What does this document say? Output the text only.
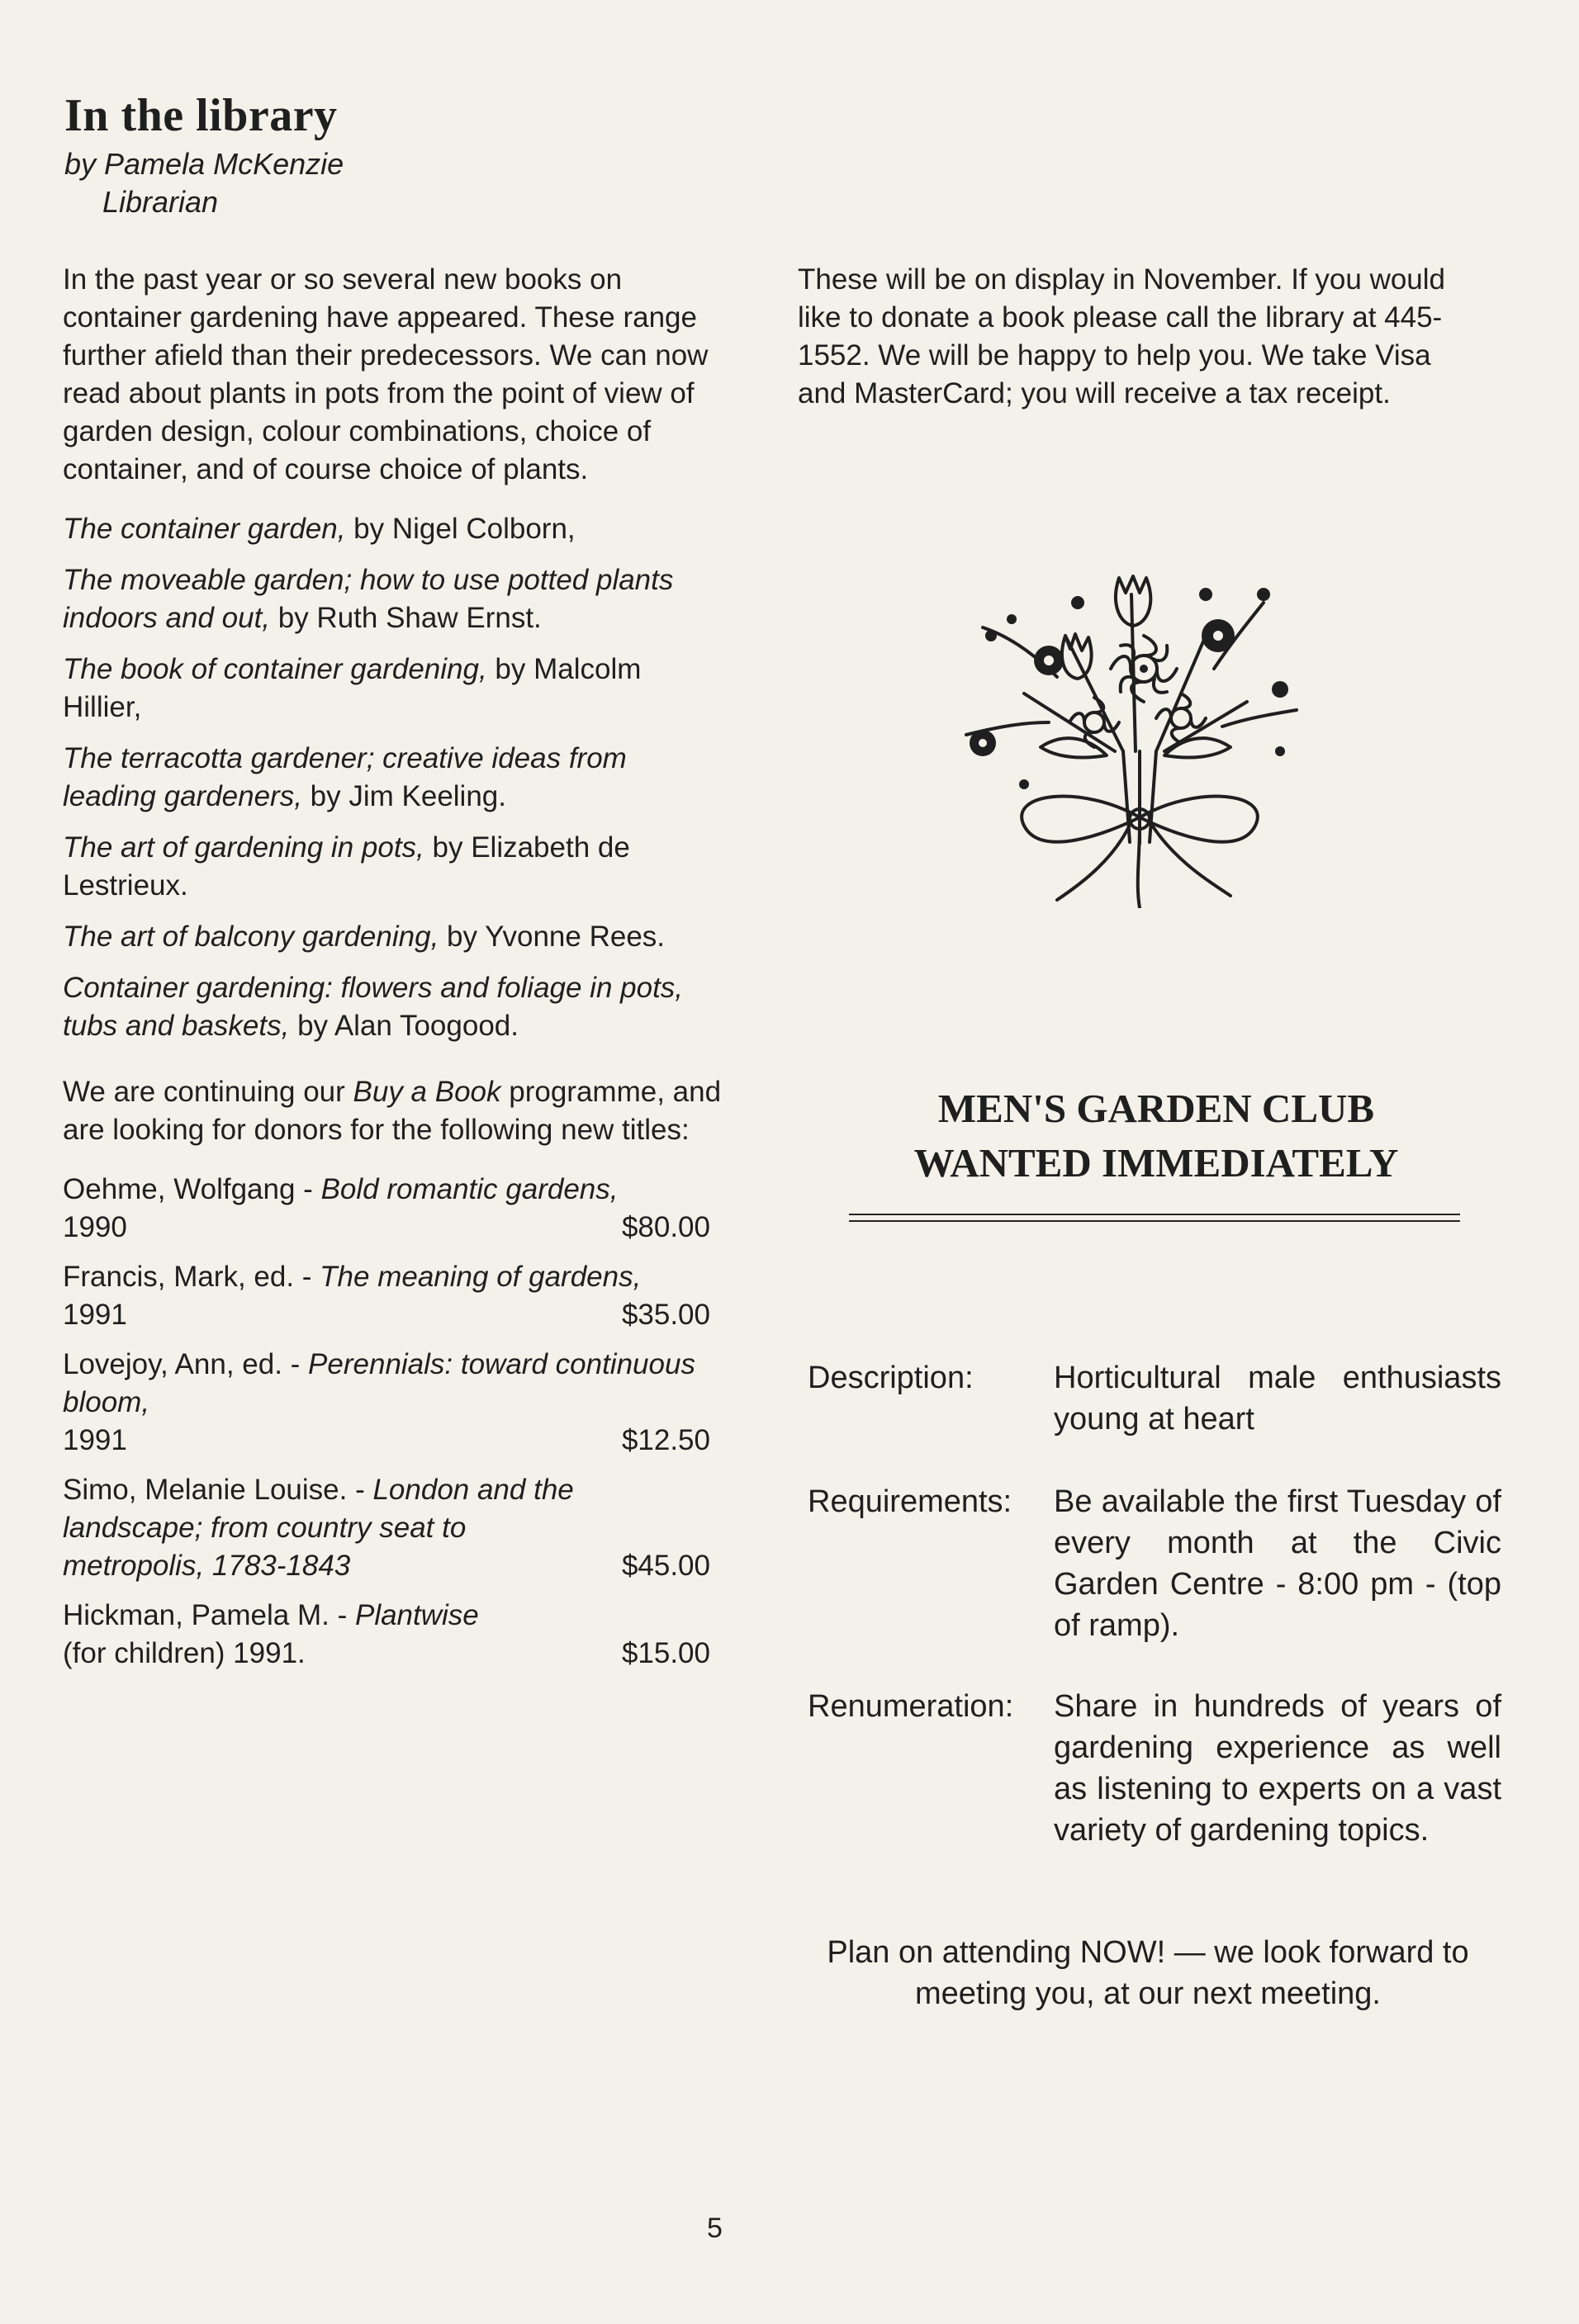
In the library
by Pamela McKenzie
Librarian

In the past year or so several new books on container gardening have appeared. These range further afield than their predecessors. We can now read about plants in pots from the point of view of garden design, colour combinations, choice of container, and of course choice of plants.

The container garden, by Nigel Colborn,

The moveable garden; how to use potted plants indoors and out, by Ruth Shaw Ernst.

The book of container gardening, by Malcolm Hillier,

The terracotta gardener; creative ideas from leading gardeners, by Jim Keeling.

The art of gardening in pots, by Elizabeth de Lestrieux.

The art of balcony gardening, by Yvonne Rees.

Container gardening: flowers and foliage in pots, tubs and baskets, by Alan Toogood.

We are continuing our Buy a Book programme, and are looking for donors for the following new titles:

Oehme, Wolfgang - Bold romantic gardens,
1990	$80.00
Francis, Mark, ed. - The meaning of gardens,
1991	$35.00
Lovejoy, Ann, ed. - Perennials: toward continuous bloom,
1991	$12.50
Simo, Melanie Louise. - London and the landscape; from country seat to metropolis, 1783-1843	$45.00
Hickman, Pamela M. - Plantwise
(for children) 1991.	$15.00

These will be on display in November. If you would like to donate a book please call the library at 445-1552. We will be happy to help you. We take Visa and MasterCard; you will receive a tax receipt.

MEN'S GARDEN CLUB
WANTED IMMEDIATELY
Description:	Horticultural male enthusiasts young at heart
Requirements:	Be available the first Tuesday of every month at the Civic Garden Centre - 8:00 pm - (top of ramp).
Renumeration:	Share in hundreds of years of gardening experience as well as listening to experts on a vast variety of gardening topics.
Plan on attending NOW! — we look forward to meeting you, at our next meeting.
5
